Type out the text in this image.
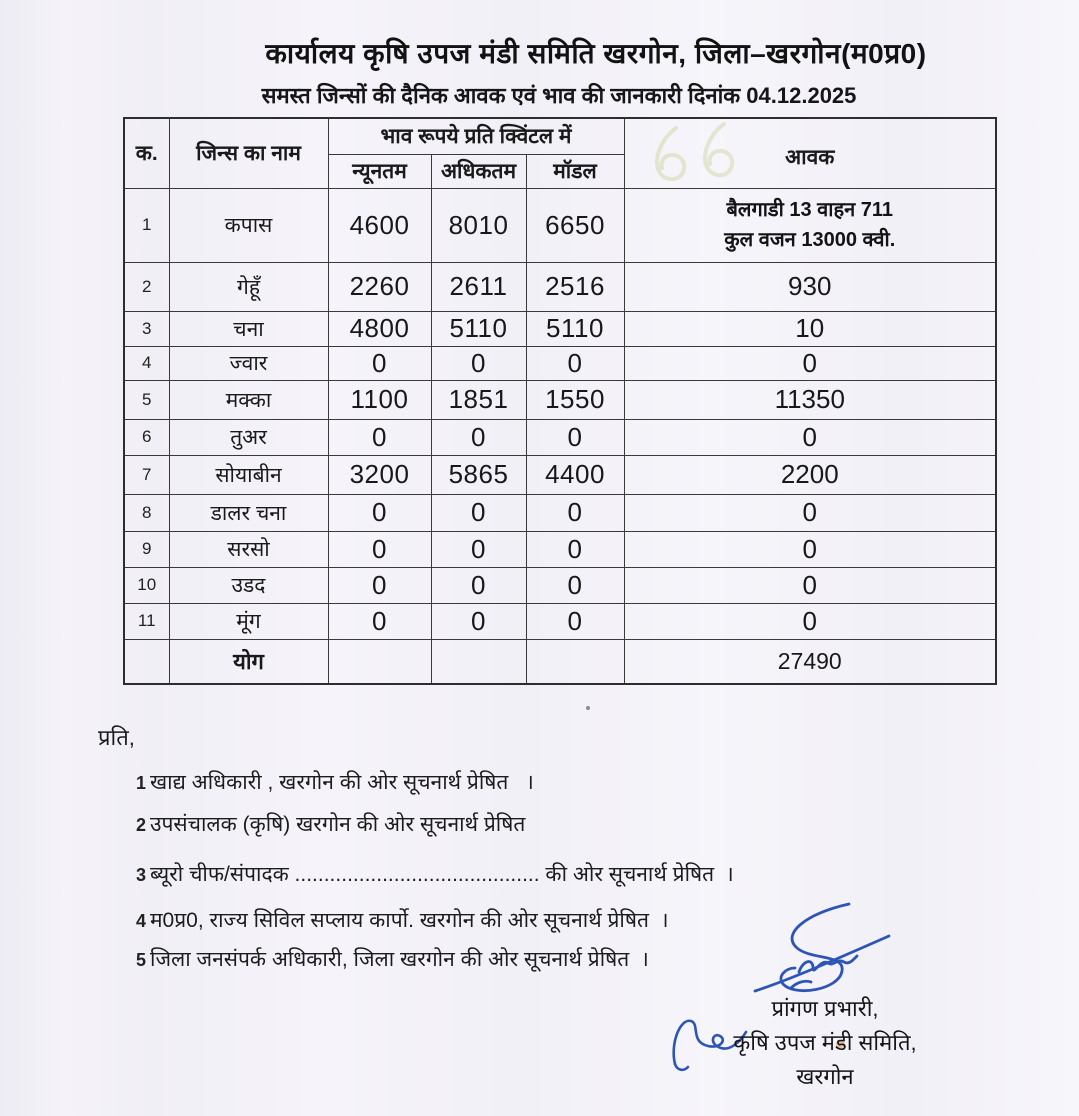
कार्यालय कृषि उपज मंडी समिति खरगोन, जिला–खरगोन(म0प्र0)
समस्त जिन्सों की दैनिक आवक एवं भाव की जानकारी दिनांक 04.12.2025
क.	जिन्स का नाम	भाव रूपये प्रति क्विंटल में			आवक
		न्यूनतम	अधिकतम	मॉडल	
1	कपास	4600	8010	6650	बैलगाडी 13 वाहन 711
कुल वजन 13000 क्वी.

2	गेहूँ	2260	2611	2516	930
3	चना	4800	5110	5110	10
4	ज्वार	0	0	0	0
5	मक्का	1100	1851	1550	11350
6	तुअर	0	0	0	0
7	सोयाबीन	3200	5865	4400	2200
8	डालर चना	0	0	0	0
9	सरसो	0	0	0	0
10	उडद	0	0	0	0
11	मूंग	0	0	0	0
	योग				27490
प्रति,
1 खाद्य अधिकारी , खरगोन की ओर सूचनार्थ प्रेषित   ।
2 उपसंचालक (कृषि) खरगोन की ओर सूचनार्थ प्रेषित
3 ब्यूरो चीफ/संपादक .......................................... की ओर सूचनार्थ प्रेषित  ।
4 म0प्र0, राज्य सिविल सप्लाय कार्पो. खरगोन की ओर सूचनार्थ प्रेषित  ।
5 जिला जनसंपर्क अधिकारी, जिला खरगोन की ओर सूचनार्थ प्रेषित  ।
प्रांगण प्रभारी,
कृषि उपज मंडी समिति,
खरगोन
